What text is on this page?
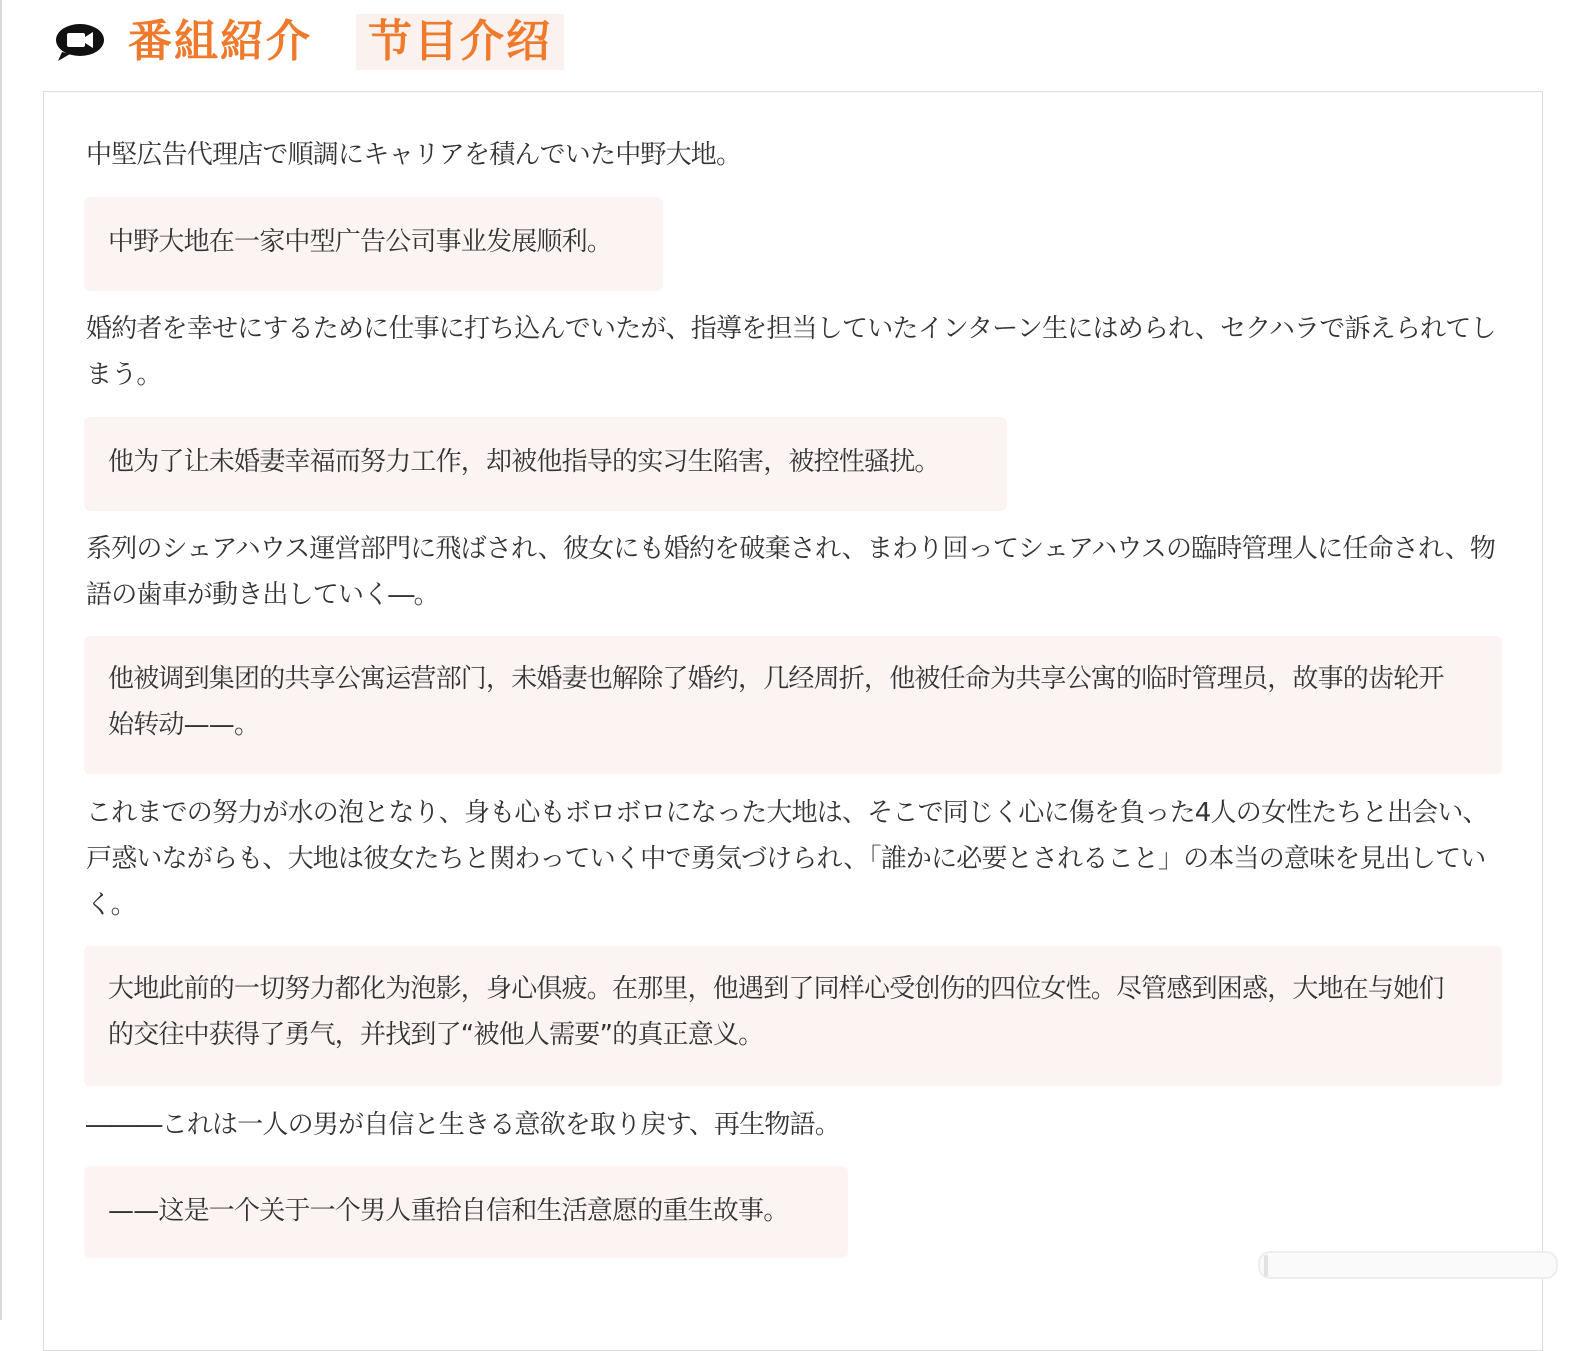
番組紹介 节目介绍

中堅広告代理店で順調にキャリアを積んでいた中野大地。

中野大地在一家中型广告公司事业发展顺利。

婚約者を幸せにするために仕事に打ち込んでいたが、指導を担当していたインターン生にはめられ、セクハラで訴えられてしまう。

他为了让未婚妻幸福而努力工作，却被他指导的实习生陷害，被控性骚扰。

系列のシェアハウス運営部門に飛ばされ、彼女にも婚約を破棄され、まわり回ってシェアハウスの臨時管理人に任命され、物語の歯車が動き出していく―。

他被调到集团的共享公寓运营部门，未婚妻也解除了婚约，几经周折，他被任命为共享公寓的临时管理员，故事的齿轮开始转动——。

これまでの努力が水の泡となり、身も心もボロボロになった大地は、そこで同じく心に傷を負った4人の女性たちと出会い、戸惑いながらも、大地は彼女たちと関わっていく中で勇気づけられ、「誰かに必要とされること」の本当の意味を見出していく。

大地此前的一切努力都化为泡影，身心俱疲。在那里，他遇到了同样心受创伤的四位女性。尽管感到困惑，大地在与她们的交往中获得了勇气，并找到了“被他人需要”的真正意义。

―――これは一人の男が自信と生きる意欲を取り戻す、再生物語。

——这是一个关于一个男人重拾自信和生活意愿的重生故事。
